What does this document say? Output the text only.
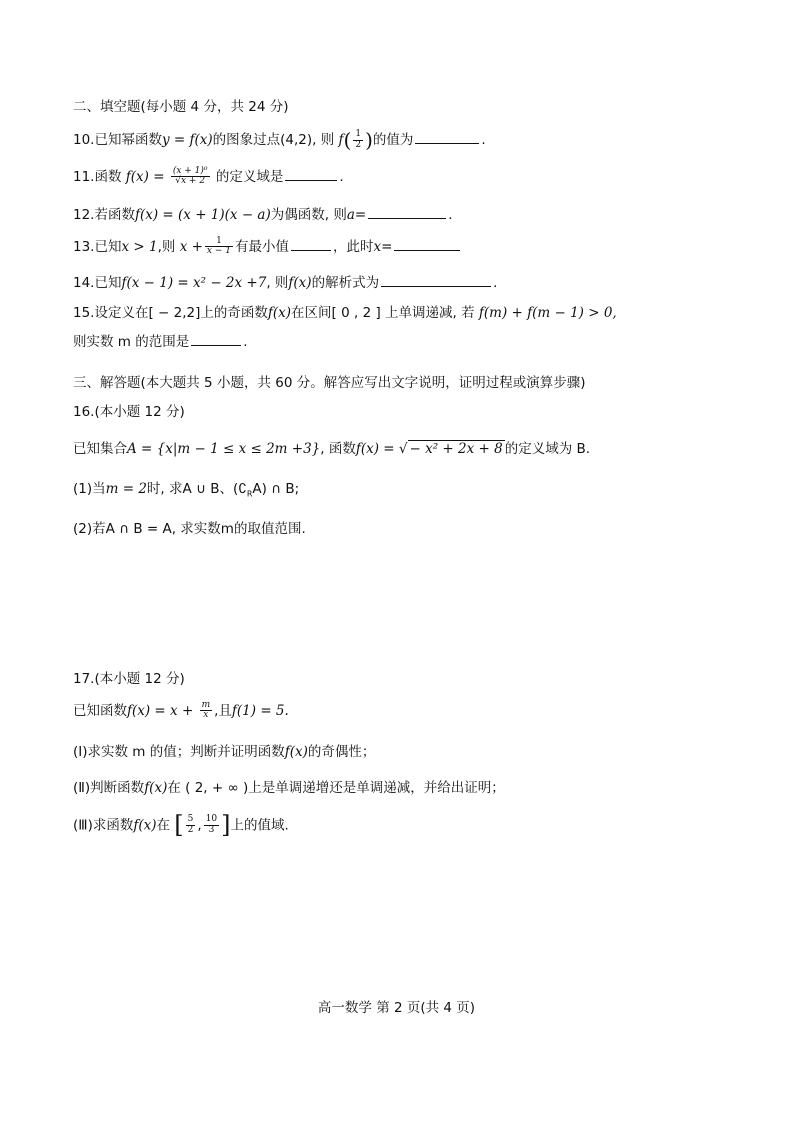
二、填空题(每小题 4 分，共 24 分)
10.已知幂函数y = f(x)的图象过点(4,2), 则 $f( \frac{1}{2}$ )的值为	.
11.函数 $f(x) = \frac{\text{(x + 1)⁰}}{√x + 2}$ 的定义域是	.
12.若函数f(x) = (x + 1)(x − a)为偶函数, 则a=	.
13.已知x > 1,则 $x + \frac{1}{x - 1}$ 有最小值	，此时x=
14.已知f(x − 1) = x² − 2x +7, 则f(x)的解析式为	.
15.设定义在[ − 2,2]上的奇函数f(x)在区间[ 0 , 2 ] 上单调递减, 若 f(m) + f(m − 1) > 0,
则实数 m 的范围是	.
三、解答题(本大题共 5 小题，共 60 分。解答应写出文字说明，证明过程或演算步骤)
16.(本小题 12 分)
已知集合A = {x|m − 1 ≤ x ≤ 2m +3}, 函数f(x) = √ − x² + 2x + 8 的定义域为 B.
(1)当m = 2时, 求A ∪ B、$(∁_RA)$ ∩ B;
(2)若A ∩ B = A, 求实数m的取值范围.
17.(本小题 12 分)
已知函数$f(x) = x + \frac{m}{x}$ ,且f(1) = 5.
(Ⅰ)求实数 m 的值；判断并证明函数f(x)的奇偶性；
(Ⅱ)判断函数f(x)在 ( 2, + ∞ )上是单调递增还是单调递减，并给出证明；
(Ⅲ)求函数f(x)在 [ $\frac{5}{2}$ , $\frac{10}{3}$ ]上的值域.
高一数学 第 2 页(共 4 页)
